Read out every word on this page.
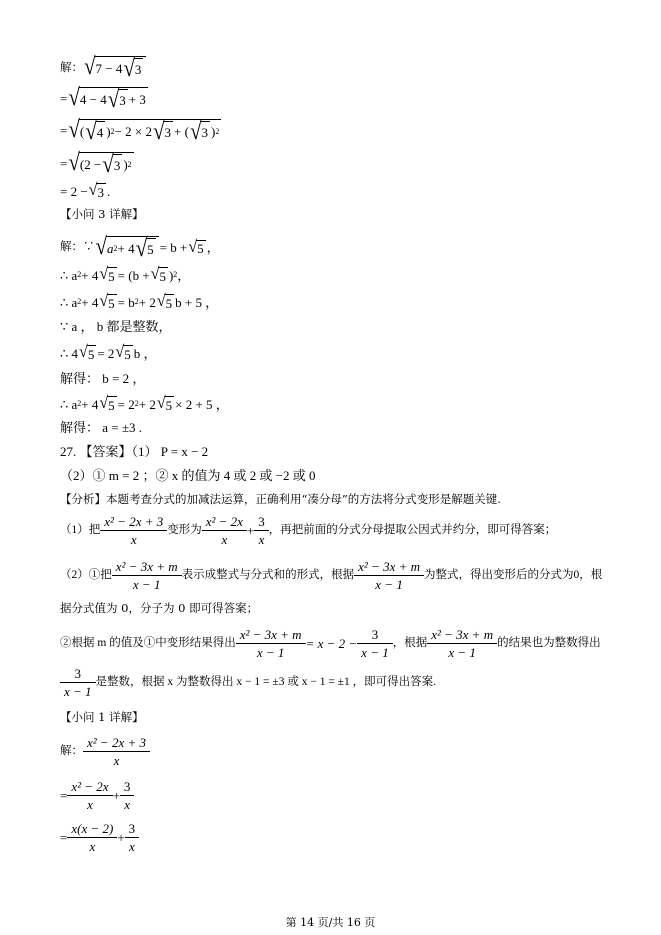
解： √ 7 − 4 √ 3
= √ 4 − 4 √ 3 + 3
= √ ( √ 4 ) 2 − 2 × 2 √ 3 + ( √ 3 ) 2
= √ (2 − √ 3 ) 2
= 2 − √ 3 .
【小问 3 详解】
解：∵ √ a 2 + 4 √ 5 = b + √ 5 ，
∴ a 2 + 4 √ 5 = (b + √ 5 ) 2 ，
∴ a 2 + 4 √ 5 = b 2 + 2 √ 5 b + 5 ，
∵ a ， b 都是整数，
∴ 4 √ 5 = 2 √ 5 b ，
解得： b = 2 ，
∴ a 2 + 4 √ 5 = 2 2 + 2 √ 5 × 2 + 5 ，
解得： a = ±3 .
27. 【答案】（1） P = x − 2
（2）① m = 2 ；② x 的值为 4 或 2 或 −2 或 0
【分析】本题考查分式的加减法运算，正确利用“凑分母”的方法将分式变形是解题关键.
（1）把 $\frac{\text{x² − 2x + 3}}{x}$ 变形为 $\frac{\text{x² − 2x}}{x} + \frac{3}{x}$ ，再把前面的分式分母提取公因式并约分，即可得答案；
（2）①把 $\frac{\text{x² − 3x + m}}{x - 1}$ 表示成整式与分式和的形式，根据 $\frac{\text{x² − 3x + m}}{x - 1}$ 为整式，得出变形后的分式为0，根
据分式值为 0，分子为 0 即可得答案；
②根据 m 的值及①中变形结果得出 $\frac{\text{x² − 3x + m}}{x - 1} = x - 2 - \frac{3}{x - 1}$ ，根据 $\frac{\text{x² − 3x + m}}{x - 1}$ 的结果也为整数得出
$\frac{3}{x - 1}$ 是整数，根据 x 为整数得出 x − 1 = ±3 或 x − 1 = ±1 ，即可得出答案.
【小问 1 详解】
解： $\frac{\text{x² − 2x + 3}}{x}$
= $\frac{\text{x² − 2x}}{x} + \frac{3}{x}$
= $\frac{x(x - 2)}{x} + \frac{3}{x}$
第 14 页/共 16 页
